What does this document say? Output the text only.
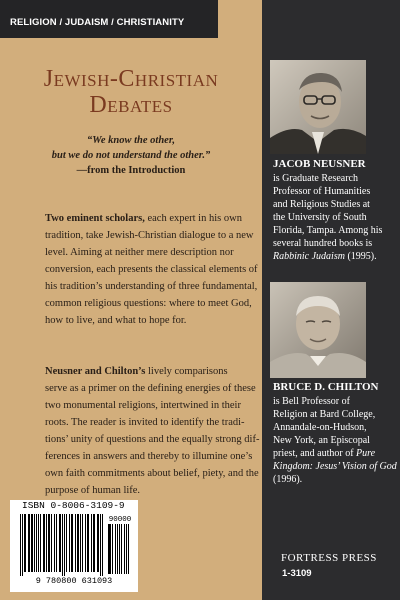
RELIGION / JUDAISM / CHRISTIANITY
Jewish-Christian
Debates
“We know the other,
but we do not understand the other.”
—from the Introduction

Two eminent scholars, each expert in his own
tradition, take Jewish-Christian dialogue to a new
level. Aiming at neither mere description nor
conversion, each presents the classical elements of
his tradition’s understanding of three fundamental,
common religious questions: where to meet God,
how to live, and what to hope for.

Neusner and Chilton’s lively comparisons
serve as a primer on the defining energies of these
two monumental religions, intertwined in their
roots. The reader is invited to identify the tradi-
tions’ unity of questions and the equally strong dif-
ferences in answers and thereby to illumine one’s
own faith commitments about belief, piety, and the
purpose of human life.

ISBN 0-8006-3109-9
90000
9 780800 631093
JACOB NEUSNER

is Graduate Research
Professor of Humanities
and Religious Studies at
the University of South
Florida, Tampa. Among his
several hundred books is
Rabbinic Judaism (1995).

BRUCE D. CHILTON

is Bell Professor of
Religion at Bard College,
Annandale-on-Hudson,
New York, an Episcopal
priest, and author of Pure
Kingdom: Jesus’ Vision of God
(1996).

FORTRESS PRESS
1-3109
